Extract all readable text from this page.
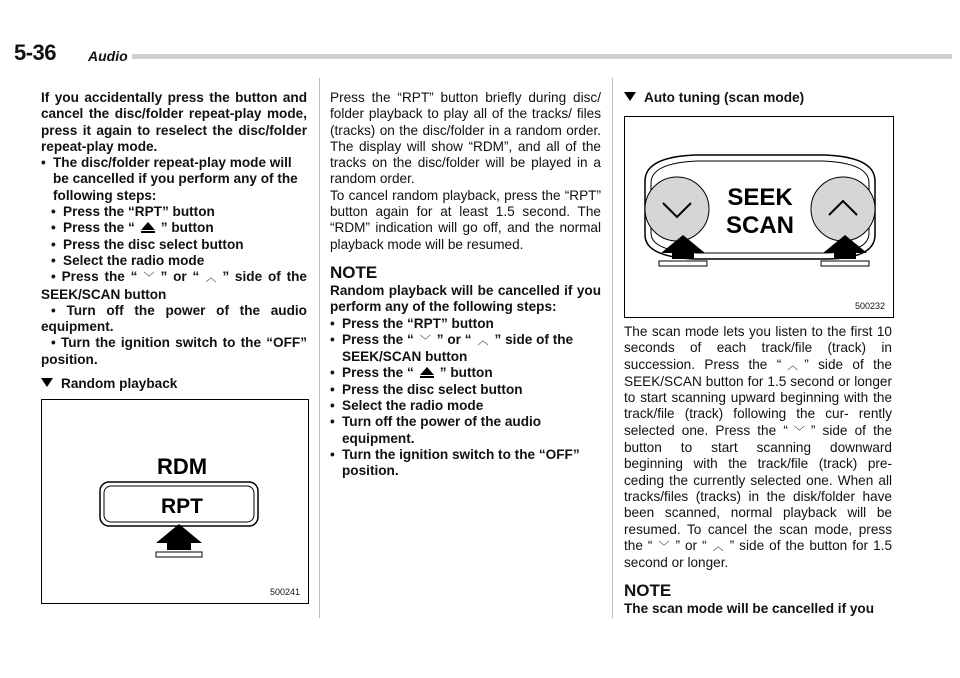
5-36 Audio

If you accidentally press the button and cancel the disc/folder repeat-play mode, press it again to reselect the disc/folder repeat-play mode.

• The disc/folder repeat-play mode will be cancelled if you perform any of the following steps:
• Press the “RPT” button
• Press the “ ” button
• Press the disc select button
• Select the radio mode

• Press the “ ﹀ ” or “ ︿ ” side of the SEEK/SCAN button

• Turn off the power of the audio equipment.

• Turn the ignition switch to the “OFF” position.

Random playback
RDM
RPT
500241

Press the “RPT” button briefly during disc/ folder playback to play all of the tracks/ files (tracks) on the disc/folder in a random order. The display will show “RDM”, and all of the tracks on the disc/folder will be played in a random order.

To cancel random playback, press the “RPT” button again for at least 1.5 second. The “RDM” indication will go off, and the normal playback mode will be resumed.

NOTE

Random playback will be cancelled if you perform any of the following steps:

• Press the “RPT” button
• Press the “ ﹀ ” or “ ︿ ” side of the SEEK/SCAN button
• Press the “ ” button
• Press the disc select button
• Select the radio mode
• Turn off the power of the audio equipment.
• Turn the ignition switch to the “OFF” position.
Auto tuning (scan mode)
SEEK
SCAN
500232

The scan mode lets you listen to the first 10 seconds of each track/file (track) in succession. Press the “ ︿ ” side of the SEEK/SCAN button for 1.5 second or longer to start scanning upward beginning with the track/file (track) following the cur- rently selected one. Press the “ ﹀ ” side of the button to start scanning downward beginning with the track/file (track) pre- ceding the currently selected one. When all tracks/files (tracks) in the disk/folder have been scanned, normal playback will be resumed. To cancel the scan mode, press the “ ﹀ ” or “ ︿ ” side of the button for 1.5 second or longer.

NOTE

The scan mode will be cancelled if you
